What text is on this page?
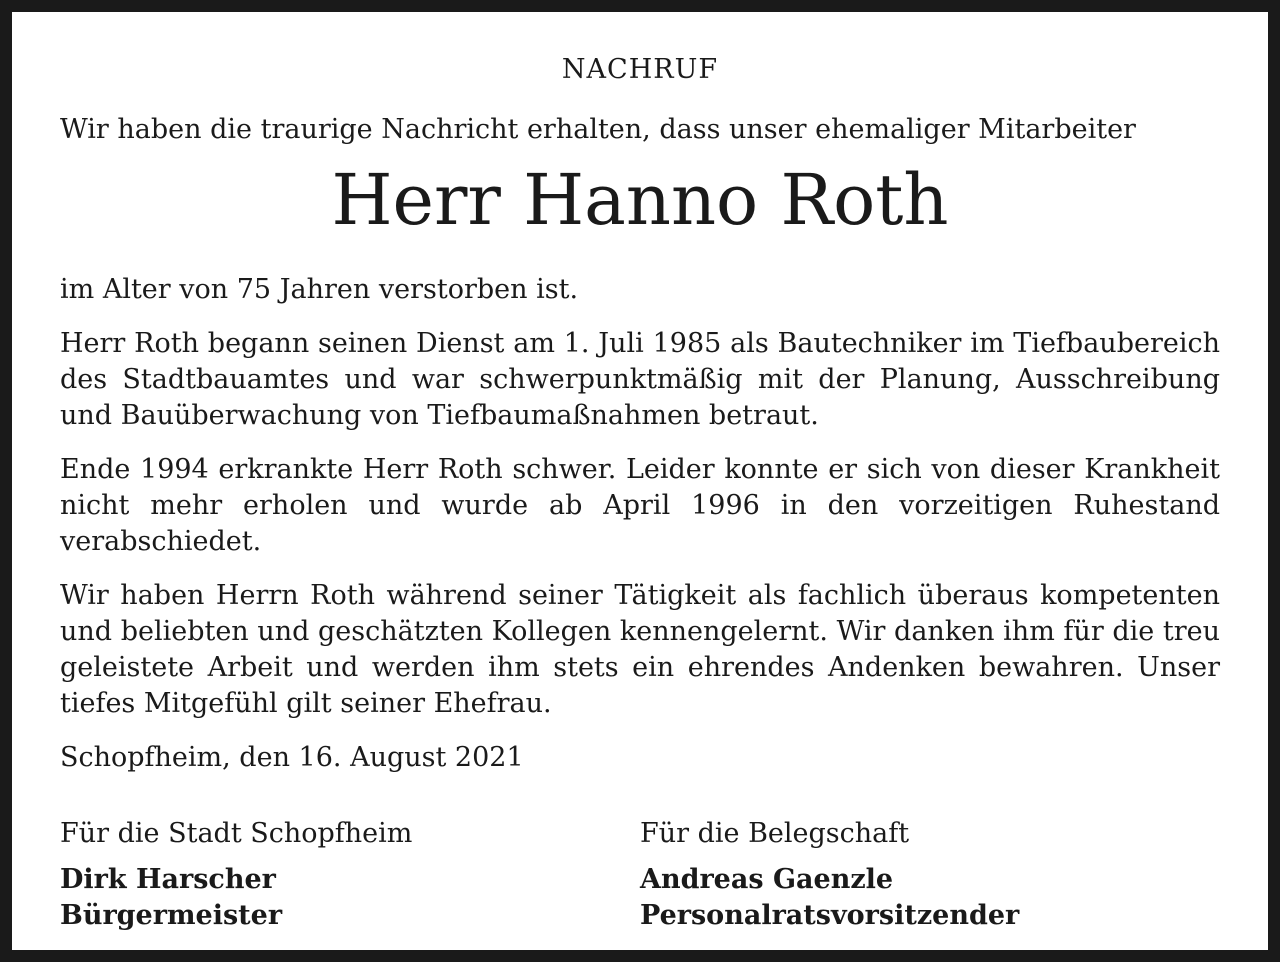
NACHRUF

Wir haben die traurige Nachricht erhalten, dass unser ehemaliger Mitarbeiter

Herr Hanno Roth

im Alter von 75 Jahren verstorben ist.

Herr Roth begann seinen Dienst am 1. Juli 1985 als Bautechniker im Tiefbaubereich des Stadtbauamtes und war schwerpunktmäßig mit der Planung, Ausschreibung und Bauüberwachung von Tiefbaumaßnahmen betraut.

Ende 1994 erkrankte Herr Roth schwer. Leider konnte er sich von dieser Krankheit nicht mehr erholen und wurde ab April 1996 in den vorzeitigen Ruhestand verabschiedet.

Wir haben Herrn Roth während seiner Tätigkeit als fachlich überaus kompetenten und beliebten und geschätzten Kollegen kennengelernt. Wir danken ihm für die treu geleistete Arbeit und werden ihm stets ein ehrendes Andenken bewahren. Unser tiefes Mitgefühl gilt seiner Ehefrau.

Schopfheim, den 16. August 2021

Für die Stadt Schopfheim

Dirk Harscher

Bürgermeister

Für die Belegschaft

Andreas Gaenzle

Personalratsvorsitzender
